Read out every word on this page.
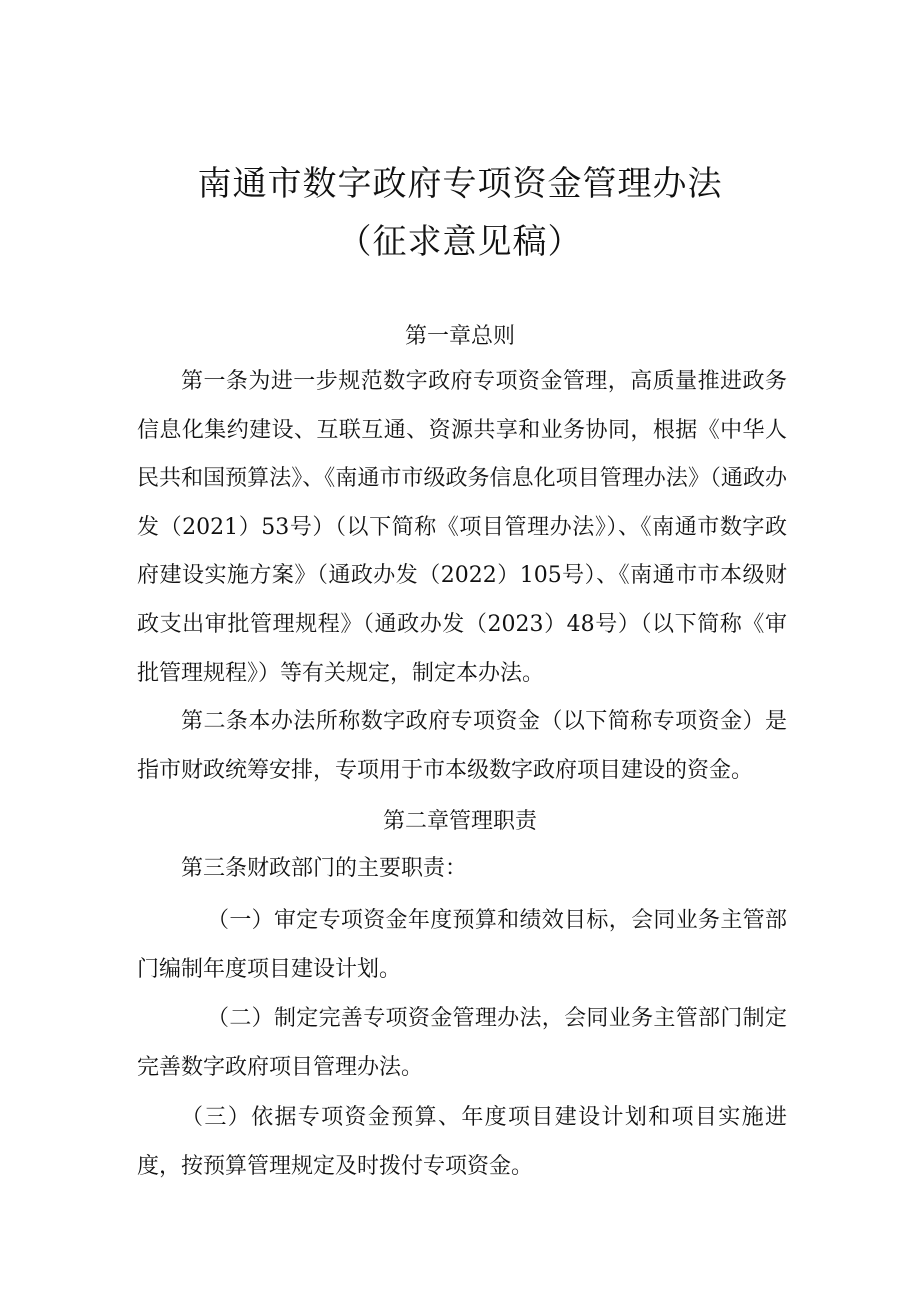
南通市数字政府专项资金管理办法
（征求意见稿）
第一章总则

第一条为进一步规范数字政府专项资金管理，高质量推进政务信息化集约建设、互联互通、资源共享和业务协同，根据《中华人民共和国预算法》、《南通市市级政务信息化项目管理办法》（通政办发（2021）53号）（以下简称《项目管理办法》）、《南通市数字政府建设实施方案》（通政办发（2022）105号）、《南通市市本级财政支出审批管理规程》（通政办发（2023）48号）（以下简称《审批管理规程》）等有关规定，制定本办法。

第二条本办法所称数字政府专项资金（以下简称专项资金）是指市财政统筹安排，专项用于市本级数字政府项目建设的资金。

第二章管理职责

第三条财政部门的主要职责：

（一）审定专项资金年度预算和绩效目标，会同业务主管部门编制年度项目建设计划。

（二）制定完善专项资金管理办法，会同业务主管部门制定完善数字政府项目管理办法。

（三）依据专项资金预算、年度项目建设计划和项目实施进度，按预算管理规定及时拨付专项资金。
